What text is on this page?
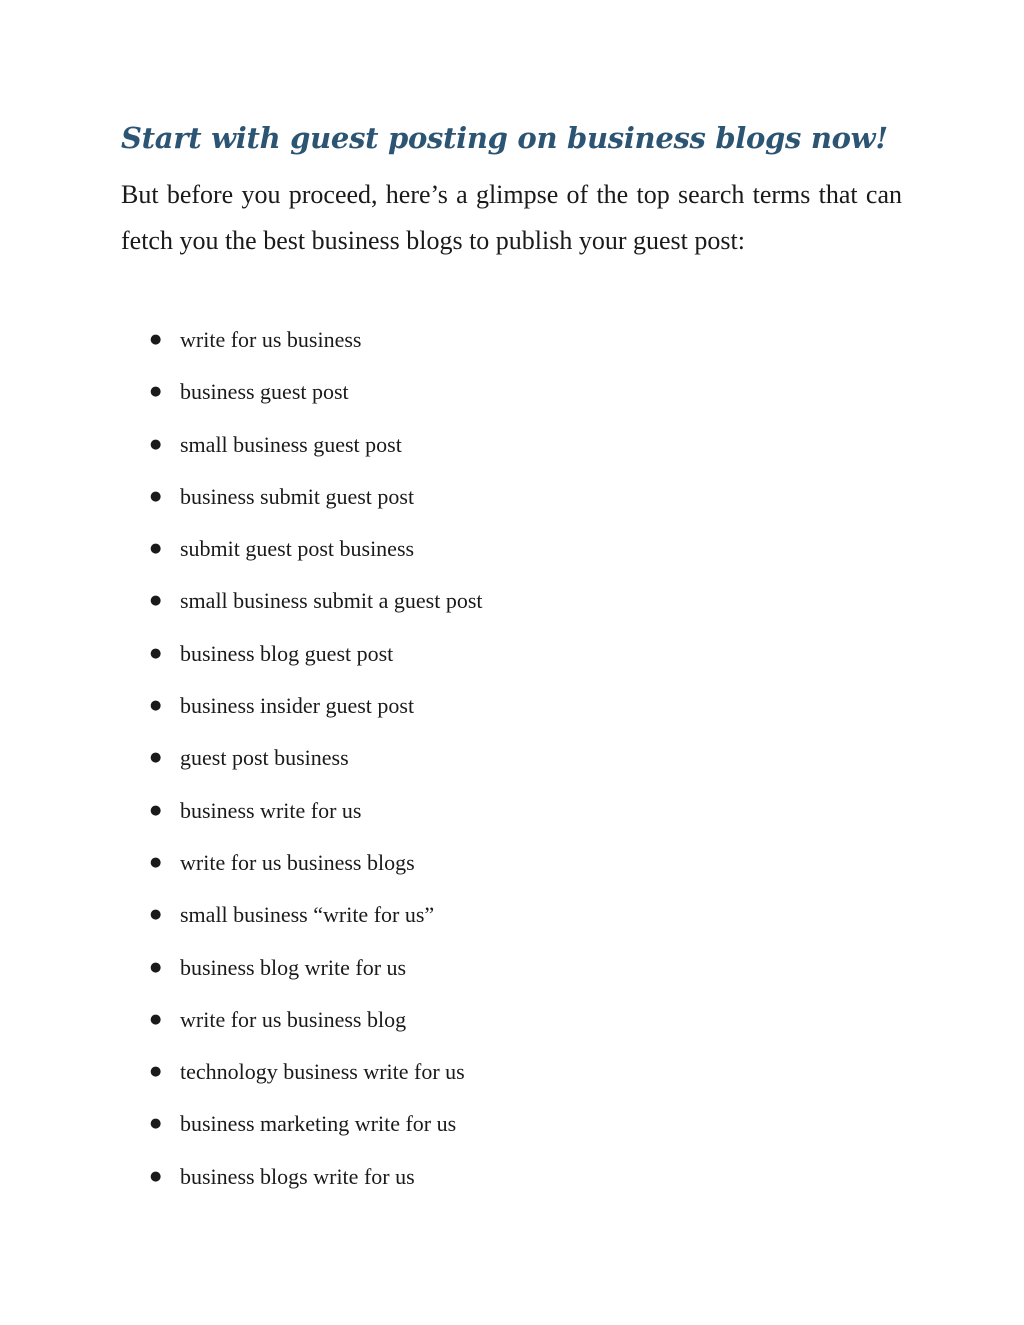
Start with guest posting on business blogs now!

But before you proceed, here’s a glimpse of the top search terms that can fetch you the best business blogs to publish your guest post:

● write for us business
● business guest post
● small business guest post
● business submit guest post
● submit guest post business
● small business submit a guest post
● business blog guest post
● business insider guest post
● guest post business
● business write for us
● write for us business blogs
● small business “write for us”
● business blog write for us
● write for us business blog
● technology business write for us
● business marketing write for us
● business blogs write for us
